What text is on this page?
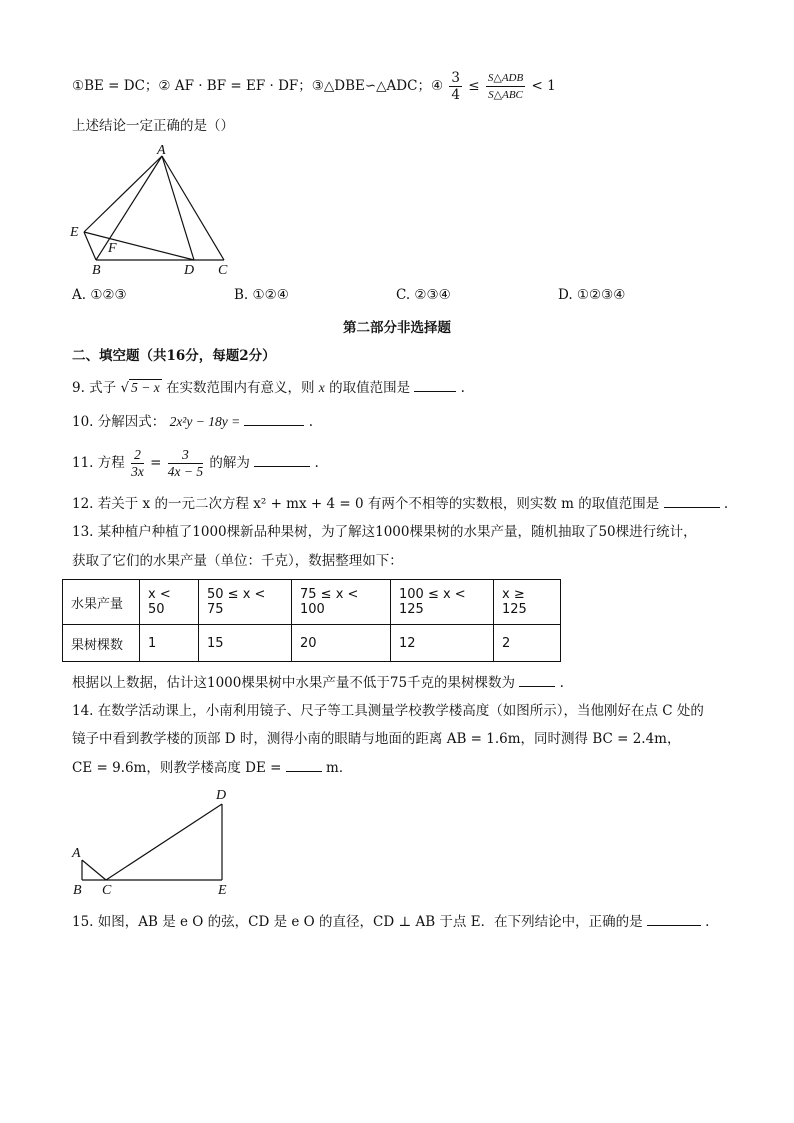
①BE = DC；② AF · BF = EF · DF；③△DBE∽△ADC；④ $\frac{3}{4} \le \frac{\text{S△ADB}}{\text{S△ABC}} < 1$
上述结论一定正确的是（）
A
E
F
B	D C
A. ①②③	B. ①②④	C. ②③④	D. ①②③④
第二部分非选择题
二、填空题（共16分，每题2分）
9. 式子 √ 5 − x 在实数范围内有意义，则 x 的取值范围是	.
10. 分解因式： 2x²y − 18y =	.
11. 方程 $\frac{2}{3x} = \frac{3}{4x - 5}$ 的解为	.
12. 若关于 x 的一元二次方程 x² + mx + 4 = 0 有两个不相等的实数根，则实数 m 的取值范围是	.
13. 某种植户种植了1000棵新品种果树，为了解这1000棵果树的水果产量，随机抽取了50棵进行统计，
获取了它们的水果产量（单位：千克），数据整理如下：
水果产量	x < 50	50 ≤ x < 75	75 ≤ x < 100	100 ≤ x < 125	x ≥ 125
果树棵数	1	15	20	12	2
根据以上数据，估计这1000棵果树中水果产量不低于75千克的果树棵数为	.
14. 在数学活动课上，小南利用镜子、尺子等工具测量学校教学楼高度（如图所示），当他刚好在点 C 处的
镜子中看到教学楼的顶部 D 时，测得小南的眼睛与地面的距离 AB = 1.6m，同时测得 BC = 2.4m，
CE = 9.6m，则教学楼高度 DE =	m．
D
A
B C	E
15. 如图，AB 是 e O 的弦，CD 是 e O 的直径，CD ⊥ AB 于点 E．在下列结论中，正确的是	.
